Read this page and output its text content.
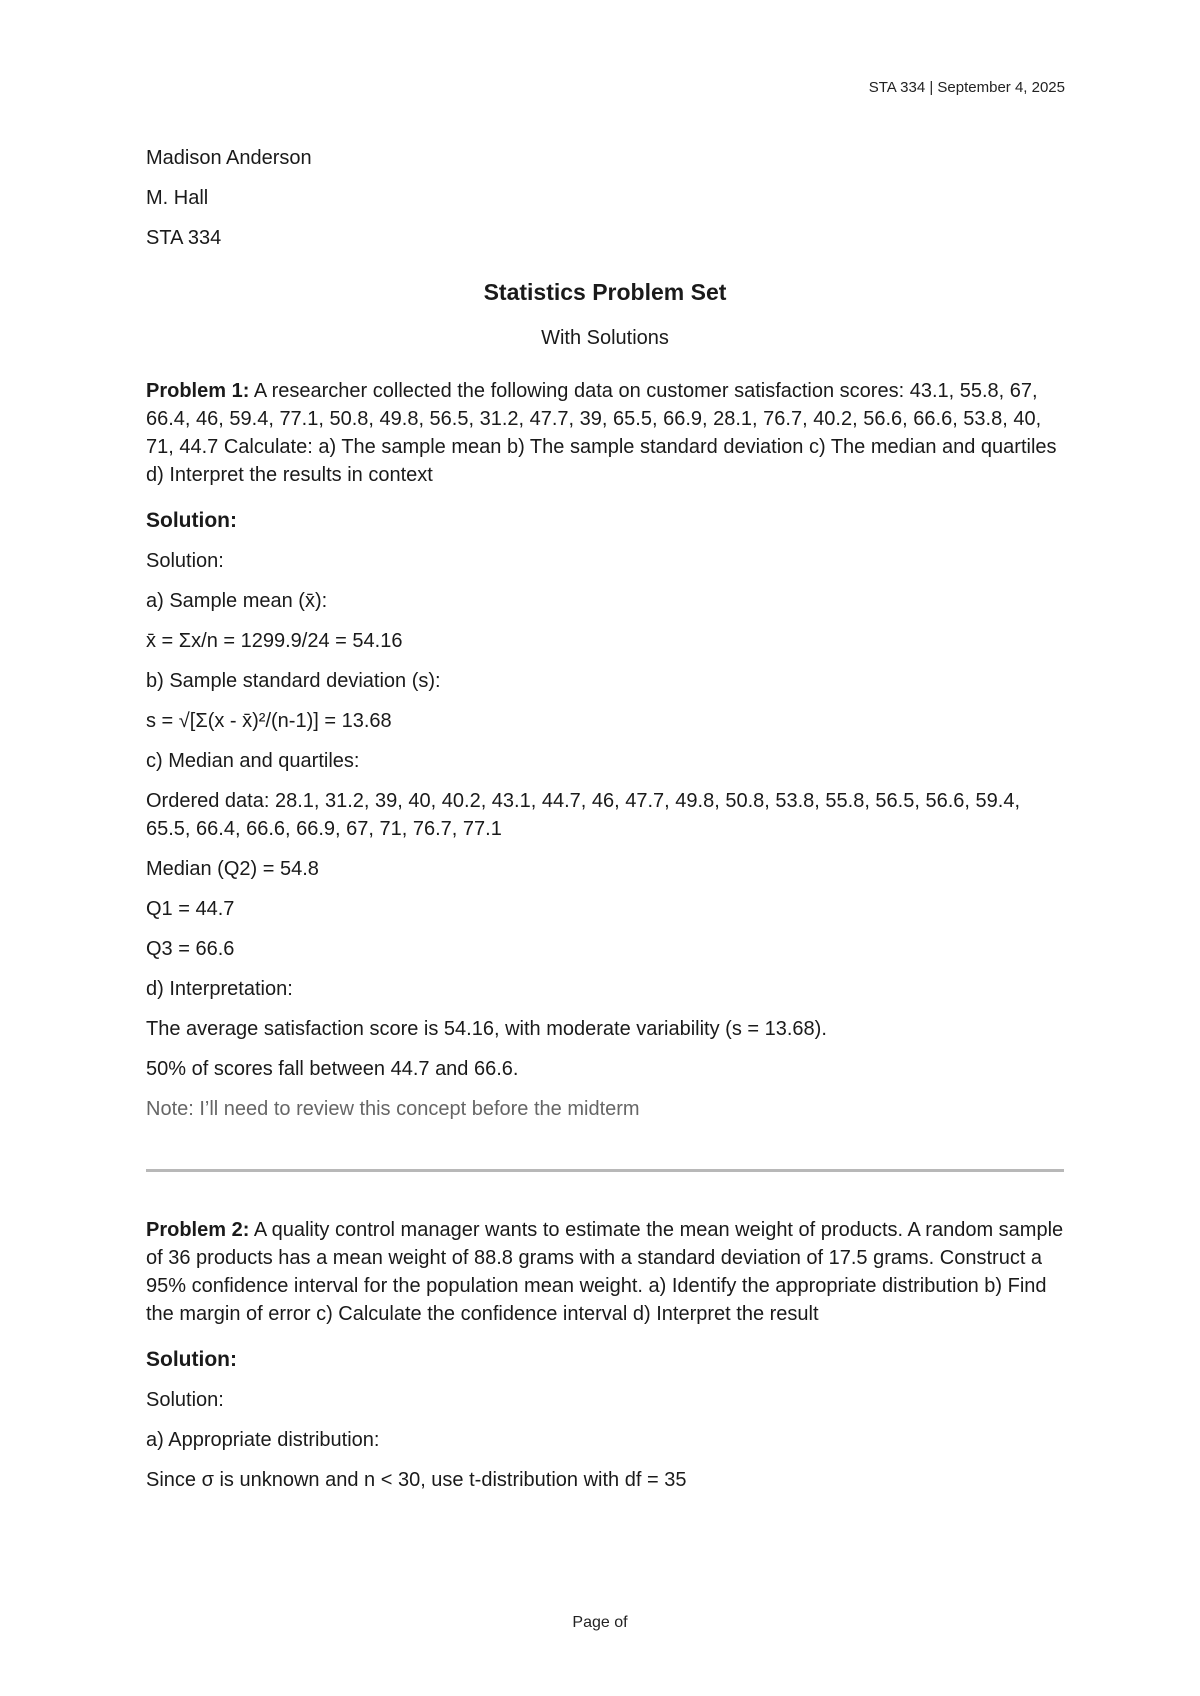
STA 334 | September 4, 2025

Madison Anderson

M. Hall

STA 334

Statistics Problem Set
With Solutions

Problem 1: A researcher collected the following data on customer satisfaction scores: 43.1, 55.8, 67, 66.4, 46, 59.4, 77.1, 50.8, 49.8, 56.5, 31.2, 47.7, 39, 65.5, 66.9, 28.1, 76.7, 40.2, 56.6, 66.6, 53.8, 40, 71, 44.7 Calculate: a) The sample mean b) The sample standard deviation c) The median and quartiles d) Interpret the results in context

Solution:

Solution:

a) Sample mean (x̄):

x̄ = Σx/n = 1299.9/24 = 54.16

b) Sample standard deviation (s):

s = √[Σ(x - x̄)²/(n-1)] = 13.68

c) Median and quartiles:

Ordered data: 28.1, 31.2, 39, 40, 40.2, 43.1, 44.7, 46, 47.7, 49.8, 50.8, 53.8, 55.8, 56.5, 56.6, 59.4, 65.5, 66.4, 66.6, 66.9, 67, 71, 76.7, 77.1

Median (Q2) = 54.8

Q1 = 44.7

Q3 = 66.6

d) Interpretation:

The average satisfaction score is 54.16, with moderate variability (s = 13.68).

50% of scores fall between 44.7 and 66.6.

Note: I’ll need to review this concept before the midterm

Problem 2: A quality control manager wants to estimate the mean weight of products. A random sample of 36 products has a mean weight of 88.8 grams with a standard deviation of 17.5 grams. Construct a 95% confidence interval for the population mean weight. a) Identify the appropriate distribution b) Find the margin of error c) Calculate the confidence interval d) Interpret the result

Solution:

Solution:

a) Appropriate distribution:

Since σ is unknown and n < 30, use t-distribution with df = 35

Page of
